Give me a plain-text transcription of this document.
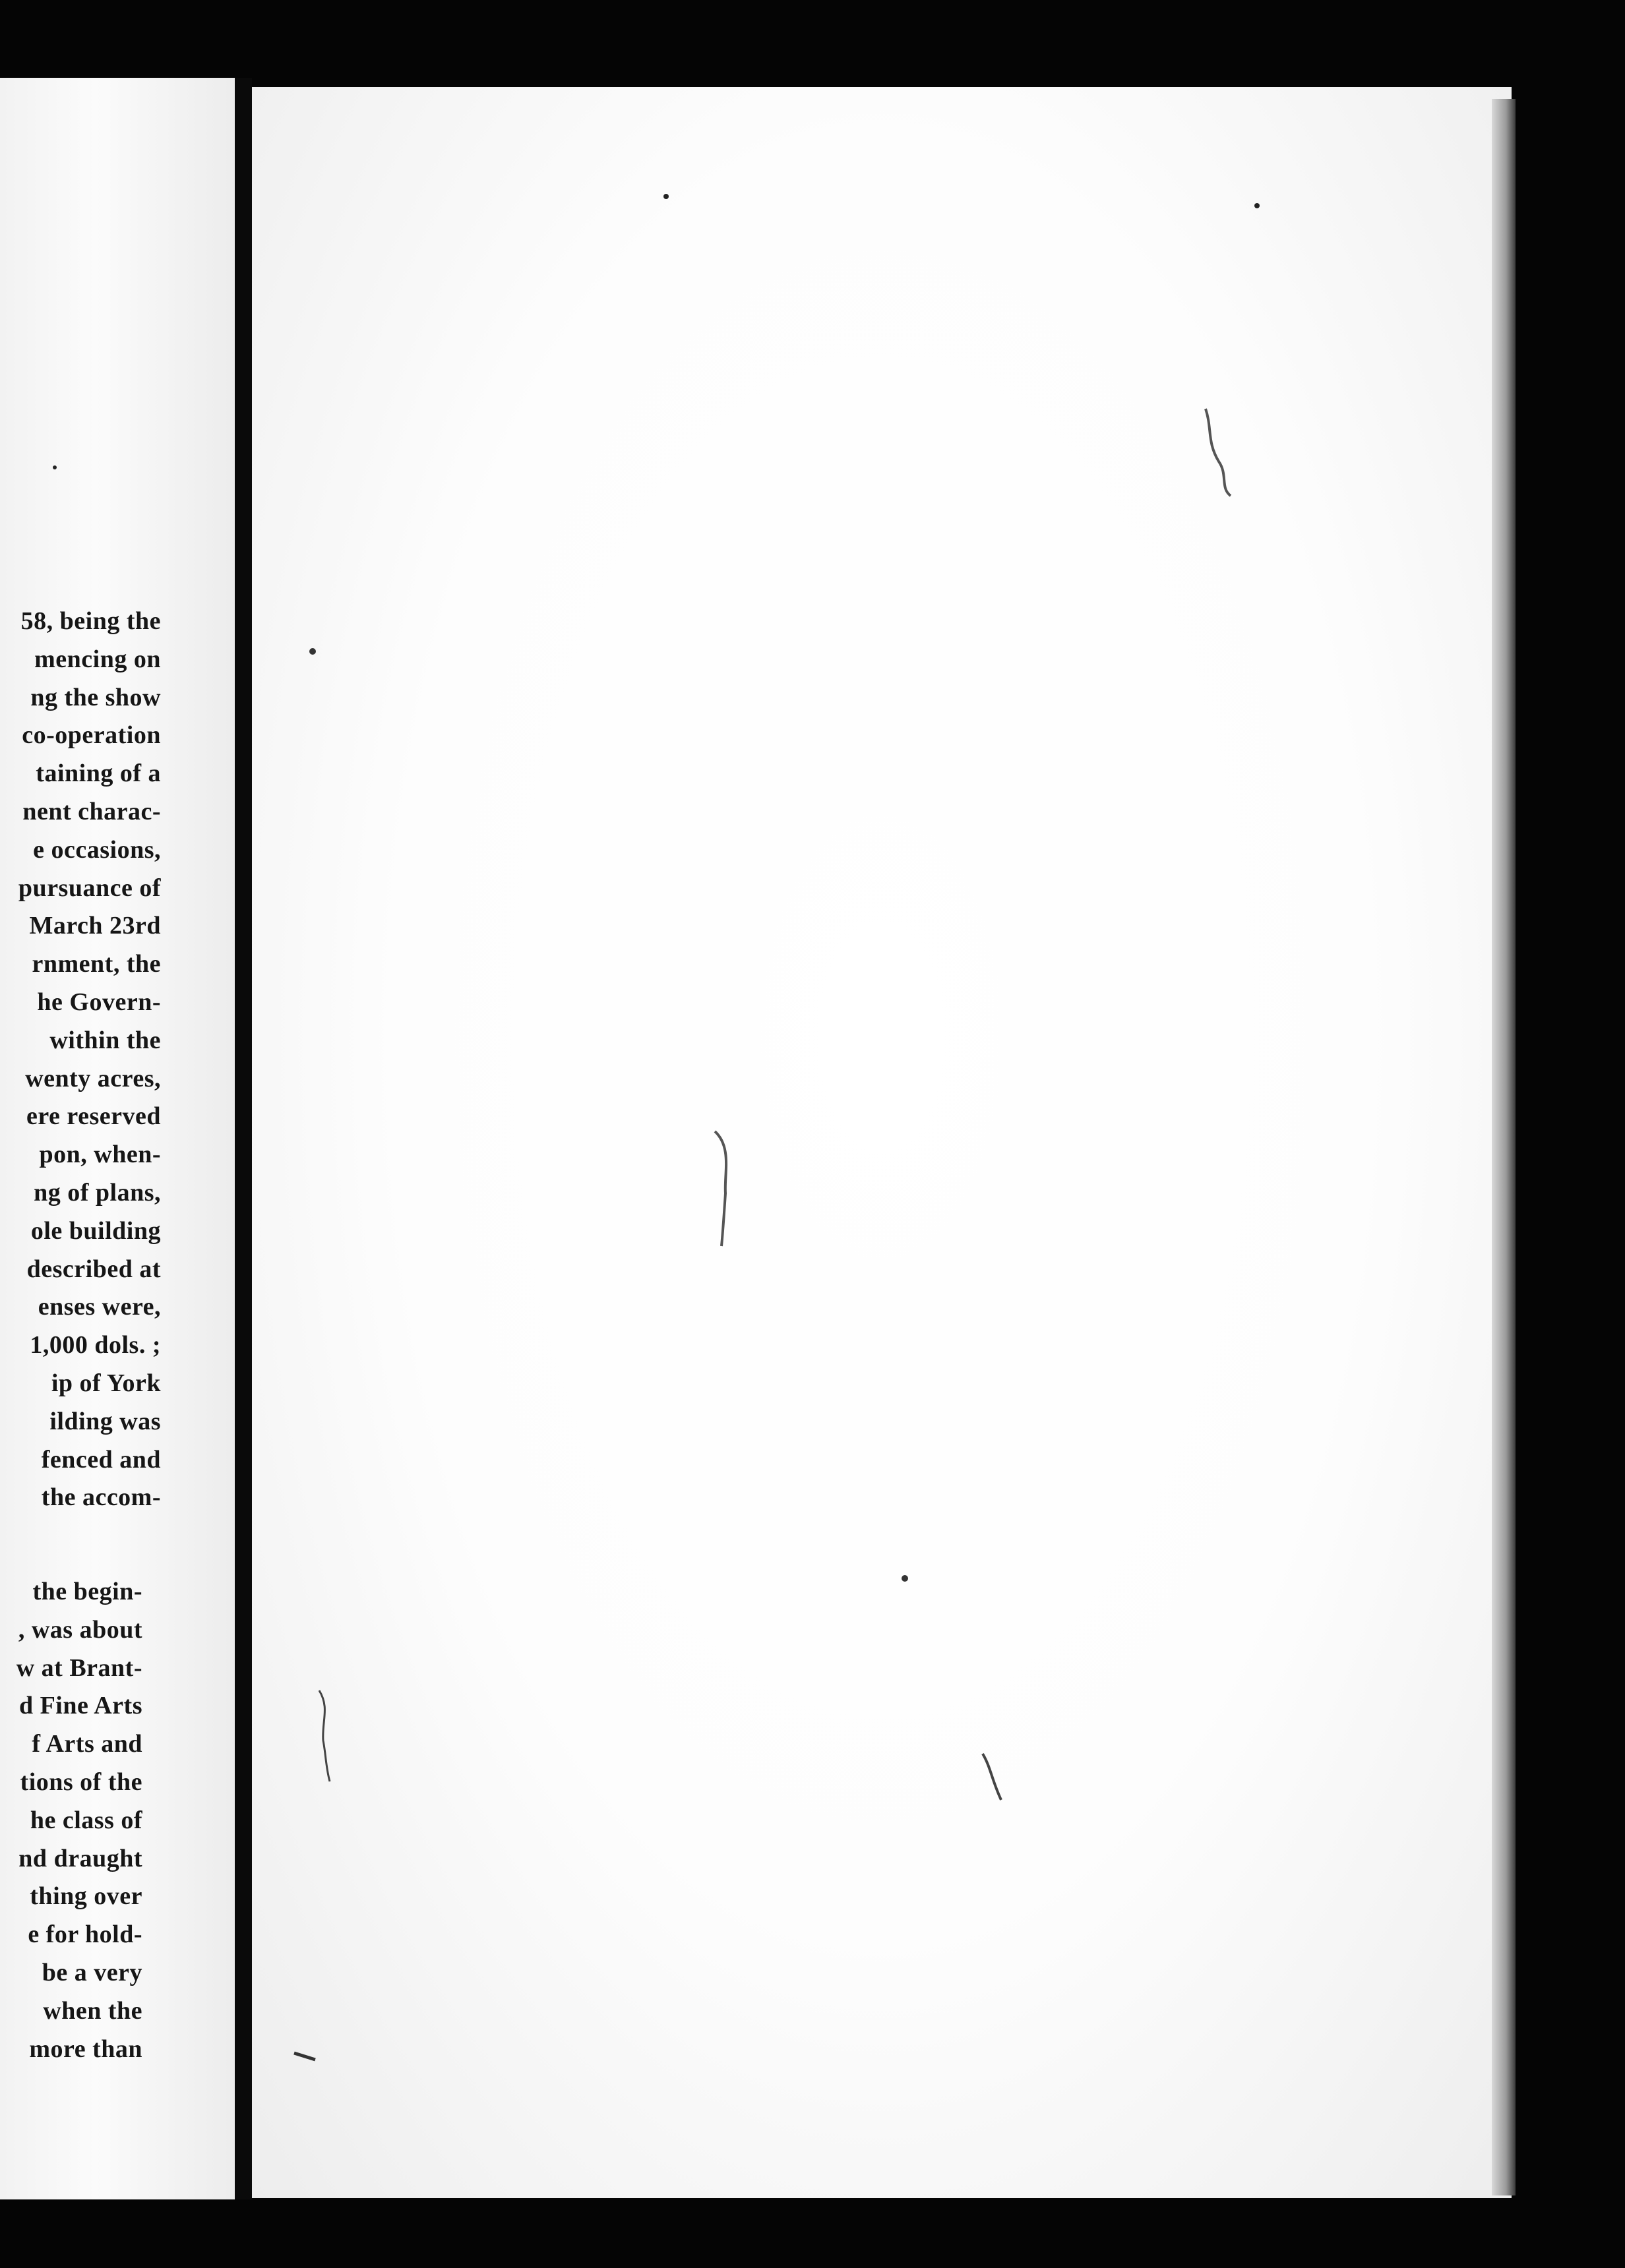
58, being the
mencing on
ng the show
co-operation
taining of a
nent charac-
e occasions,
pursuance of
March 23rd
rnment, the
he Govern-
within the
wenty acres,
ere reserved
pon, when-
ng of plans,
ole building
described at
enses were,
1,000 dols. ;
ip of York
ilding was
fenced and
the accom-
the begin-
, was about
w at Brant-
d Fine Arts
f Arts and
tions of the
he class of
nd draught
thing over
e for hold-
be a very
when the
more than
